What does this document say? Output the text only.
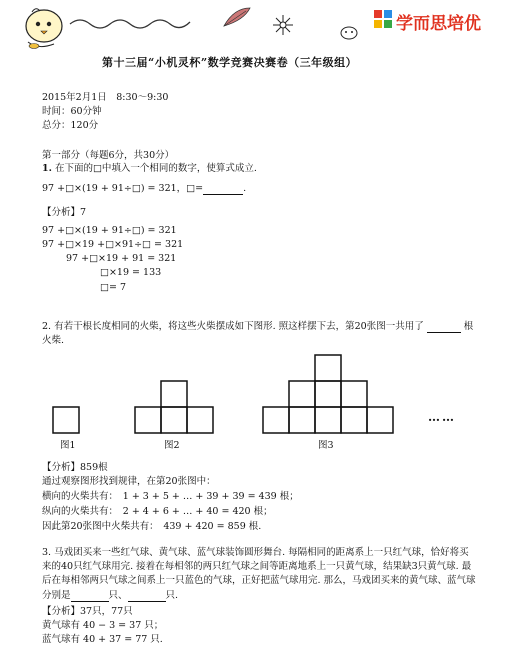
学而思培优
第十三届“小机灵杯”数学竞赛决赛卷（三年级组）
2015年2月1日　8:30～9:30
时间：60分钟
总分：120分
第一部分（每题6分，共30分）
1. 在下面的□中填入一个相同的数字，使算式成立.
97 +□×(19 + 91÷□) = 321，□=	.
【分析】7
97 +□×(19 + 91÷□) = 321
97 +□×19 +□×91÷□ = 321
97 +□×19 + 91 = 321
□×19 = 133
□= 7
2. 有若干根长度相同的火柴，将这些火柴摆成如下图形. 照这样摆下去，第20张图一共用了	根
火柴.
……
图1	图2	图3
【分析】859根
通过观察图形找到规律，在第20张图中：
横向的火柴共有：　1 + 3 + 5 + … + 39 + 39 = 439 根；
纵向的火柴共有：　2 + 4 + 6 + … + 40 = 420 根；
因此第20张图中火柴共有：　439 + 420 = 859 根.
3. 马戏团买来一些红气球、黄气球、蓝气球装饰圆形舞台. 每隔相同的距离系上一只红气球，恰好将买
来的40只红气球用完. 接着在每相邻的两只红气球之间等距离地系上一只黄气球，结果缺3只黄气球. 最
后在每相邻两只气球之间系上一只蓝色的气球，正好把蓝气球用完. 那么，马戏团买来的黄气球、蓝气球
分别是	只、	只.
【分析】37只，77只
黄气球有 40 − 3 = 37 只；
蓝气球有 40 + 37 = 77 只.
